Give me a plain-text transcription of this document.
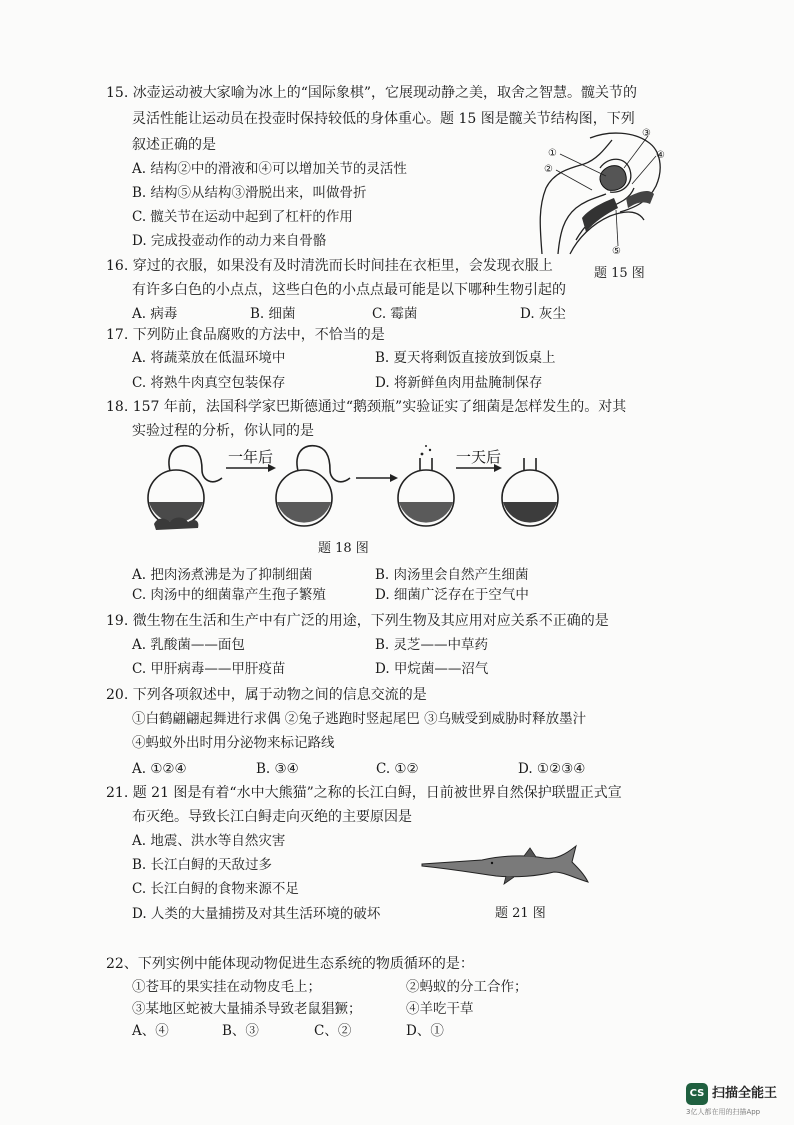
15. 冰壶运动被大家喻为冰上的“国际象棋”，它展现动静之美，取舍之智慧。髋关节的
灵活性能让运动员在投壶时保持较低的身体重心。题 15 图是髋关节结构图，下列
叙述正确的是
A. 结构②中的滑液和④可以增加关节的灵活性
B. 结构⑤从结构③滑脱出来，叫做骨折
C. 髋关节在运动中起到了杠杆的作用
D. 完成投壶动作的动力来自骨骼
①
②
③
④
⑤
题 15 图
16. 穿过的衣服，如果没有及时清洗而长时间挂在衣柜里，会发现衣服上
有许多白色的小点点，这些白色的小点点最可能是以下哪种生物引起的
A. 病毒	B. 细菌	C. 霉菌	D. 灰尘
17. 下列防止食品腐败的方法中，不恰当的是
A. 将蔬菜放在低温环境中	B. 夏天将剩饭直接放到饭桌上
C. 将熟牛肉真空包装保存	D. 将新鲜鱼肉用盐腌制保存
18. 157 年前，法国科学家巴斯德通过“鹅颈瓶”实验证实了细菌是怎样发生的。对其
实验过程的分析，你认同的是
一年后	一天后
题 18 图
A. 把肉汤煮沸是为了抑制细菌	B. 肉汤里会自然产生细菌
C. 肉汤中的细菌靠产生孢子繁殖	D. 细菌广泛存在于空气中
19. 微生物在生活和生产中有广泛的用途，下列生物及其应用对应关系不正确的是
A. 乳酸菌——面包	B. 灵芝——中草药
C. 甲肝病毒——甲肝疫苗	D. 甲烷菌——沼气
20. 下列各项叙述中，属于动物之间的信息交流的是
①白鹤翩翩起舞进行求偶 ②兔子逃跑时竖起尾巴 ③乌贼受到威胁时释放墨汁
④蚂蚁外出时用分泌物来标记路线
A. ①②④	B. ③④	C. ①②	D. ①②③④
21. 题 21 图是有着“水中大熊猫”之称的长江白鲟，日前被世界自然保护联盟正式宣
布灭绝。导致长江白鲟走向灭绝的主要原因是
A. 地震、洪水等自然灾害
B. 长江白鲟的天敌过多
C. 长江白鲟的食物来源不足
D. 人类的大量捕捞及对其生活环境的破坏	题 21 图
22、下列实例中能体现动物促进生态系统的物质循环的是：
①苍耳的果实挂在动物皮毛上；	②蚂蚁的分工合作；
③某地区蛇被大量捕杀导致老鼠猖獗；	④羊吃干草
A、④	B、③	C、②	D、①
CS 扫描全能王
3亿人都在用的扫描App
